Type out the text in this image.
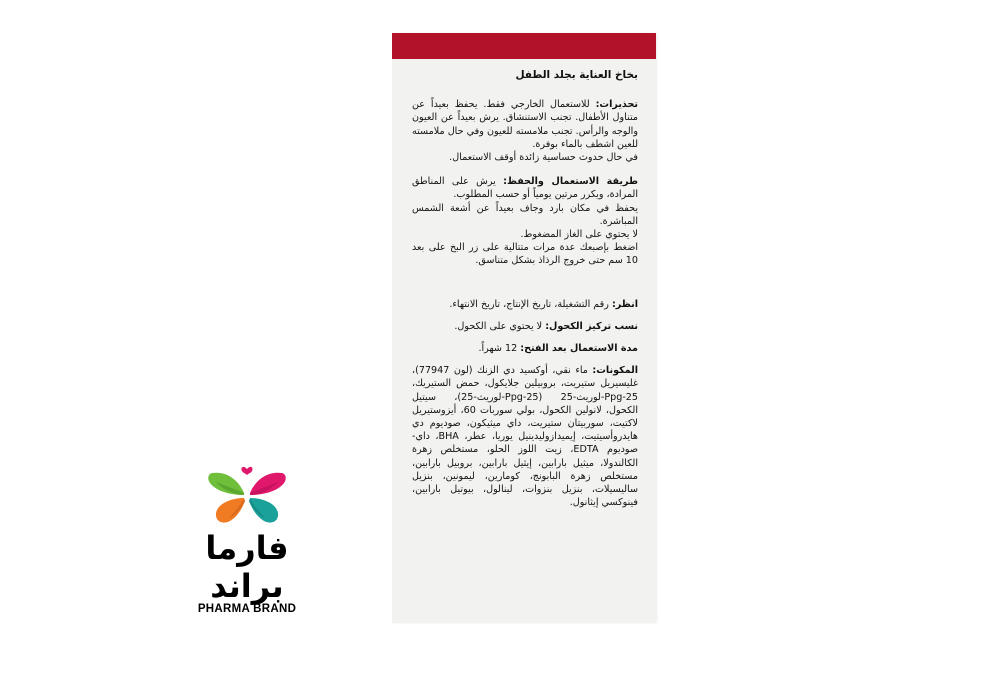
بخاخ العناية بجلد الطفل

تحذيرات: للاستعمال الخارجي فقط. يحفظ بعيداً عن متناول الأطفال. تجنب الاستنشاق. يرش بعيداً عن العيون والوجه والرأس. تجنب ملامسته للعيون وفي حال ملامسته للعين اشطف بالماء بوفرة.

في حال حدوث حساسية زائدة أوقف الاستعمال.

طريقة الاستعمال والحفظ: يرش على المناطق المرادة، ويكرر مرتين يومياً أو حسب المطلوب.

يحفظ في مكان بارد وجاف بعيداً عن أشعة الشمس المباشرة.

لا يحتوي على الغاز المضغوط.

اضغط بإصبعك عدة مرات متتالية على زر البخ على بعد 10 سم حتى خروج الرذاذ بشكل متناسق.

انظر: رقم التشغيلة، تاريخ الإنتاج، تاريخ الانتهاء.

نسب تركيز الكحول: لا يحتوي على الكحول.

مدة الاستعمال بعد الفتح: 12 شهراً.

المكونات: ماء نقي، أوكسيد دي الزنك (لون 77947)، غليسيريل ستيريت، بروبيلين جلايكول، حمض الستيريك، Ppg-25-لوريث-25 (Ppg-25-لوريث-25)، سيتيل الكحول، لانولين الكحول، بولي سوربات 60، أيزوستيريل لاكتيت، سوربيتان ستيريت، داي ميثيكون، صوديوم دي هايدروأسيتيت، إيميدازوليدينيل يوريا، عطر، BHA، داي-صوديوم EDTA، زيت اللوز الحلو، مستخلص زهرة الكالندولا، ميثيل بارابين، إيثيل بارابين، بروبيل بارابين، مستخلص زهرة البابونج، كومارين، ليمونين، بنزيل ساليسيلات، بنزيل بنزوات، لينالول، بيوتيل بارابين، فينوكسي إيثانول.

فارما براند
PHARMA BRAND
